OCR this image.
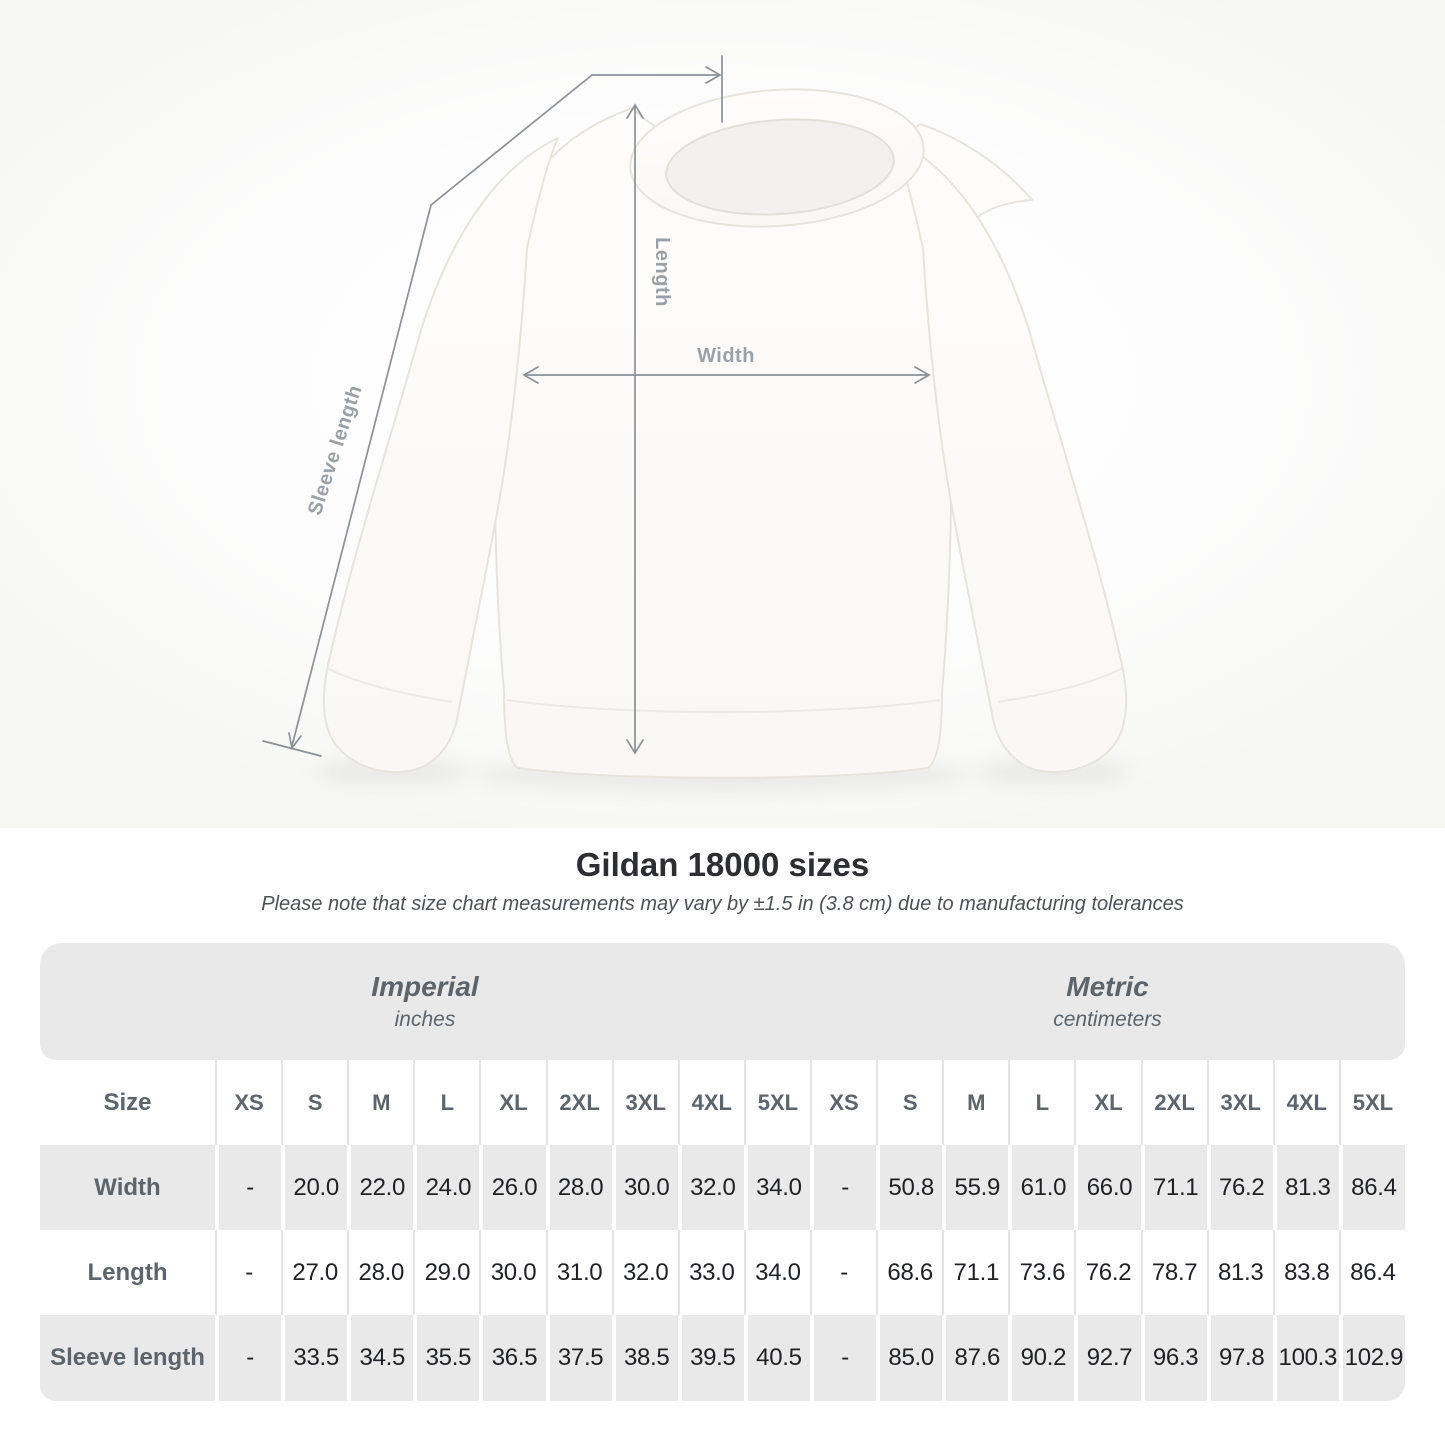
Length
Width
Sleeve length
Gildan 18000 sizes

Please note that size chart measurements may vary by ±1.5 in (3.8 cm) due to manufacturing tolerances

Imperial
inches
Metric
centimeters
Size	XS	S	M	L	XL	2XL	3XL	4XL	5XL	XS	S	M	L	XL	2XL	3XL	4XL	5XL
Width	-	20.0 22.0 24.0 26.0 28.0 30.0 32.0 34.0	-	50.8 55.9 61.0 66.0 71.1 76.2 81.3 86.4
Length	-	27.0 28.0 29.0 30.0 31.0 32.0 33.0 34.0	-	68.6 71.1 73.6 76.2 78.7 81.3 83.8 86.4
Sleeve length	-	33.5 34.5 35.5 36.5 37.5 38.5 39.5 40.5	-	85.0 87.6 90.2 92.7 96.3 97.8 100.3 102.9
